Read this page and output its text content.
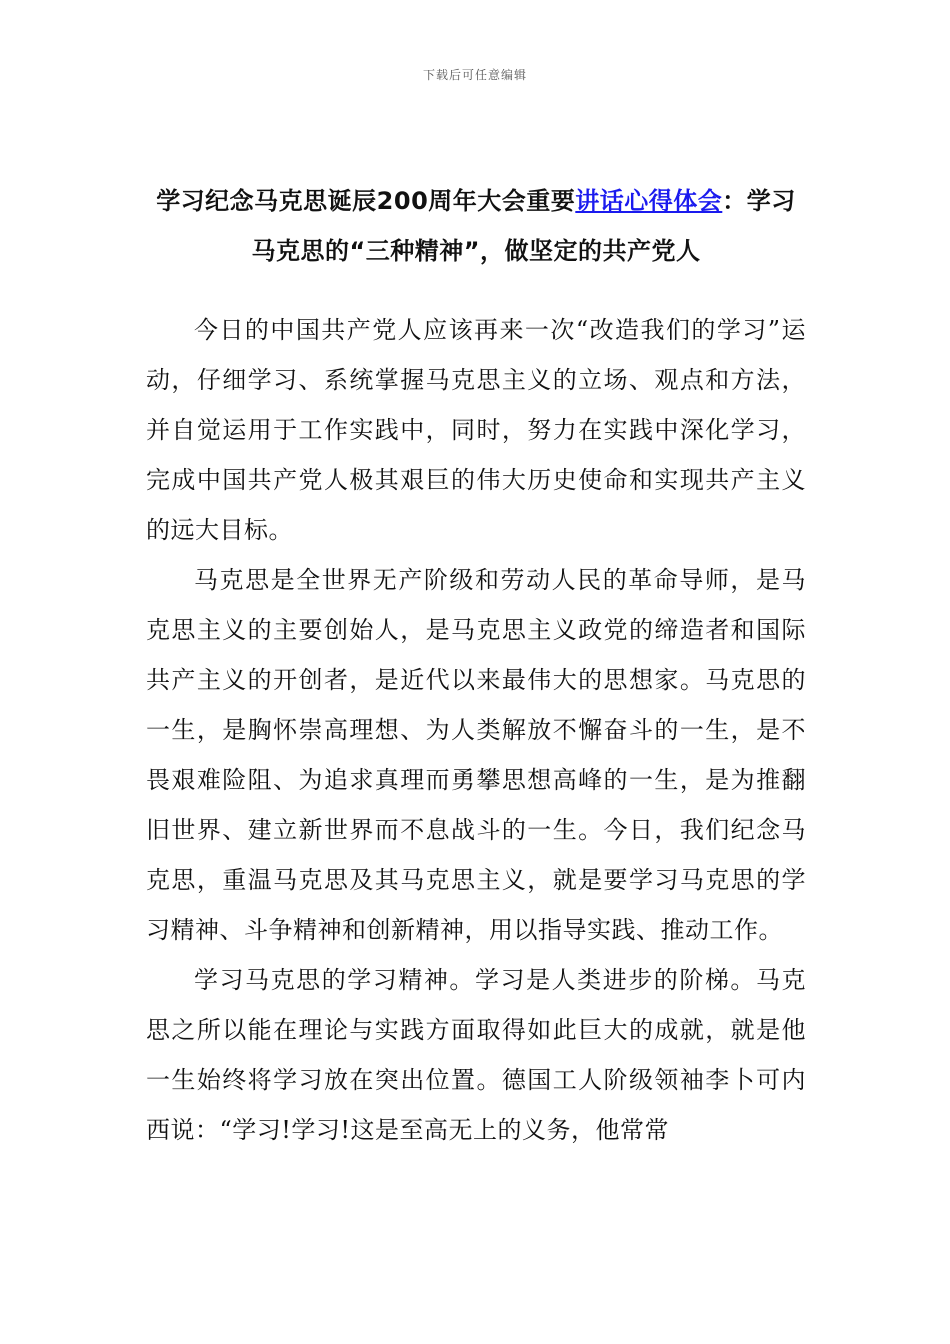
下载后可任意编辑
学习纪念马克思诞辰200周年大会重要讲话心得体会：学习马克思的“三种精神”，做坚定的共产党人

今日的中国共产党人应该再来一次“改造我们的学习”运动，仔细学习、系统掌握马克思主义的立场、观点和方法，并自觉运用于工作实践中，同时，努力在实践中深化学习，完成中国共产党人极其艰巨的伟大历史使命和实现共产主义的远大目标。

马克思是全世界无产阶级和劳动人民的革命导师，是马克思主义的主要创始人，是马克思主义政党的缔造者和国际共产主义的开创者，是近代以来最伟大的思想家。马克思的一生，是胸怀崇高理想、为人类解放不懈奋斗的一生，是不畏艰难险阻、为追求真理而勇攀思想高峰的一生，是为推翻旧世界、建立新世界而不息战斗的一生。今日，我们纪念马克思，重温马克思及其马克思主义，就是要学习马克思的学习精神、斗争精神和创新精神，用以指导实践、推动工作。

学习马克思的学习精神。学习是人类进步的阶梯。马克思之所以能在理论与实践方面取得如此巨大的成就，就是他一生始终将学习放在突出位置。德国工人阶级领袖李卜可内西说：“学习!学习!这是至高无上的义务，他常常
